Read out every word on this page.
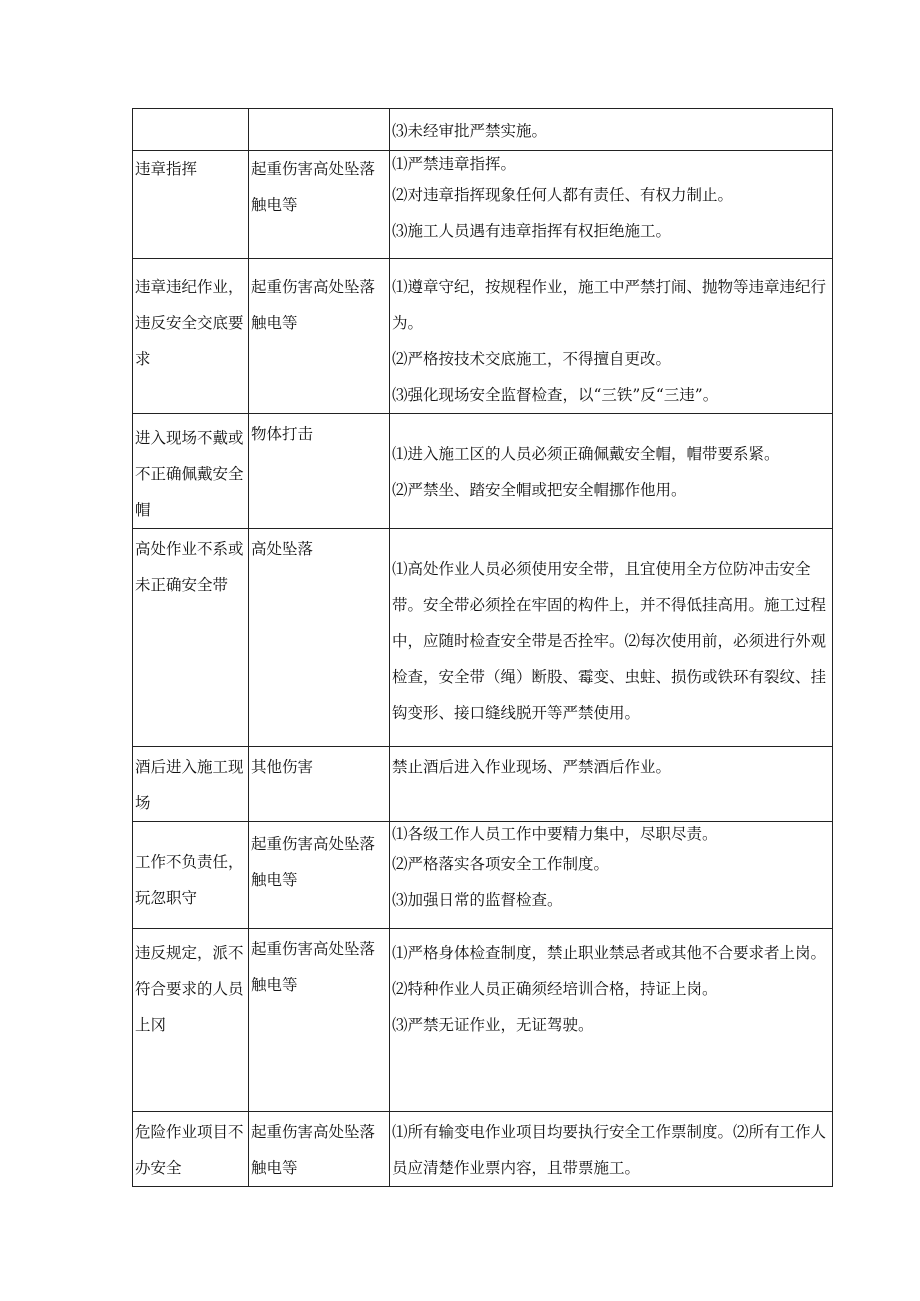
		⑶未经审批严禁实施。

违章指挥	起重伤害高处坠落触电等	⑴严禁违章指挥。
⑵对违章指挥现象任何人都有责任、有权力制止。
⑶施工人员遇有违章指挥有权拒绝施工。

违章违纪作业，违反安全交底要求	起重伤害高处坠落触电等	⑴遵章守纪，按规程作业，施工中严禁打闹、抛物等违章违纪行为。
⑵严格按技术交底施工，不得擅自更改。
⑶强化现场安全监督检查，以“三铁”反“三违”。

进入现场不戴或不正确佩戴安全帽	物体打击	⑴进入施工区的人员必须正确佩戴安全帽，帽带要系紧。
⑵严禁坐、踏安全帽或把安全帽挪作他用。

高处作业不系或未正确安全带	高处坠落	⑴高处作业人员必须使用安全带，且宜使用全方位防冲击安全带。安全带必须拴在牢固的构件上，并不得低挂高用。施工过程中，应随时检查安全带是否拴牢。⑵每次使用前，必须进行外观检查，安全带（绳）断股、霉变、虫蛀、损伤或铁环有裂纹、挂钩变形、接口缝线脱开等严禁使用。

酒后进入施工现场	其他伤害	禁止酒后进入作业现场、严禁酒后作业。

工作不负责任，玩忽职守	起重伤害高处坠落触电等	⑴各级工作人员工作中要精力集中，尽职尽责。
⑵严格落实各项安全工作制度。
⑶加强日常的监督检查。

违反规定，派不符合要求的人员上冈	起重伤害高处坠落触电等	⑴严格身体检查制度，禁止职业禁忌者或其他不合要求者上岗。
⑵特种作业人员正确须经培训合格，持证上岗。
⑶严禁无证作业，无证驾驶。

危险作业项目不办安全	起重伤害高处坠落触电等	⑴所有输变电作业项目均要执行安全工作票制度。⑵所有工作人员应清楚作业票内容，且带票施工。
